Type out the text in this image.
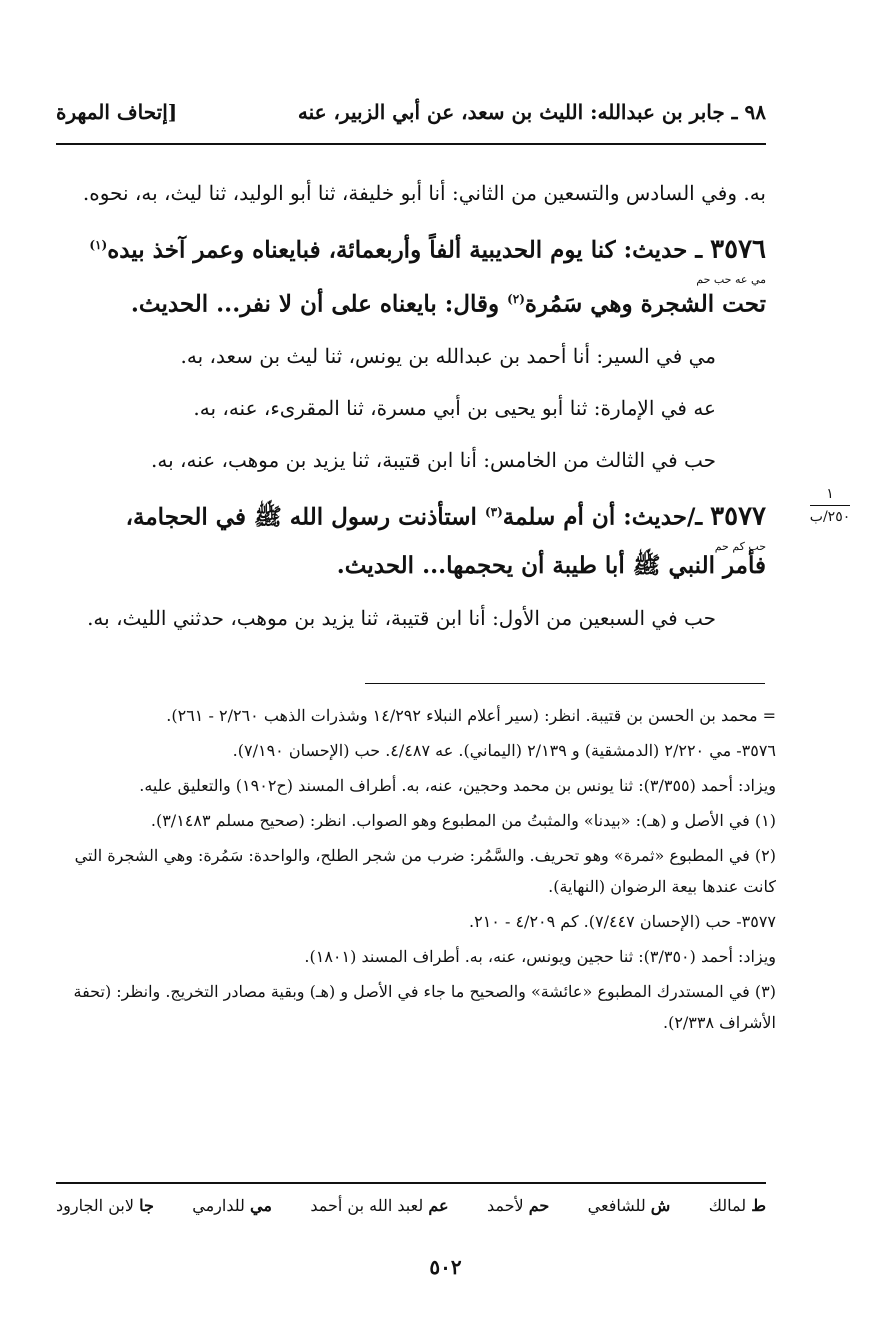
٩٨ ـ جابر بن عبدالله: الليث بن سعد، عن أبي الزبير، عنه
[إتحاف المهرة

به. وفي السادس والتسعين من الثاني: أنا أبو خليفة، ثنا أبو الوليد، ثنا ليث، به، نحوه.

٣٥٧٦ ـ حديث: كنا يوم الحديبية ألفاً وأربعمائة، فبايعناه وعمر آخذ بيده$^{(١)}$

مي عه حب حم
تحت الشجرة وهي سَمُرة$^{(٢)}$ وقال: بايعناه على أن لا نفر... الحديث.

مي في السير: أنا أحمد بن عبدالله بن يونس، ثنا ليث بن سعد، به.

عه في الإمارة: ثنا أبو يحيى بن أبي مسرة، ثنا المقرىء، عنه، به.

حب في الثالث من الخامس: أنا ابن قتيبة، ثنا يزيد بن موهب، عنه، به.

٣٥٧٧ ـ/حديث: أن أم سلمة$^{(٣)}$ استأذنت رسول الله ﷺ في الحجامة،

حب كم حم
فأمر النبي ﷺ أبا طيبة أن يحجمها... الحديث.

حب في السبعين من الأول: أنا ابن قتيبة، ثنا يزيد بن موهب، حدثني الليث، به.

١
٢٥٠/ب

= محمد بن الحسن بن قتيبة. انظر: (سير أعلام النبلاء ١٤/٢٩٢ وشذرات الذهب ٢/٢٦٠ - ٢٦١).

٣٥٧٦- مي ٢/٢٢٠ (الدمشقية) و ٢/١٣٩ (اليماني). عه ٤/٤٨٧. حب (الإحسان ٧/١٩٠).

ويزاد: أحمد (٣/٣٥٥): ثنا يونس بن محمد وحجين، عنه، به. أطراف المسند (ح١٩٠٢) والتعليق عليه.

(١) في الأصل و (هـ): «بيدنا» والمثبتُ من المطبوع وهو الصواب. انظر: (صحيح مسلم ٣/١٤٨٣).

(٢) في المطبوع «ثمرة» وهو تحريف. والسَّمُر: ضرب من شجر الطلح، والواحدة: سَمُرة: وهي الشجرة التي كانت عندها بيعة الرضوان (النهاية).

٣٥٧٧- حب (الإحسان ٧/٤٤٧). كم ٤/٢٠٩ - ٢١٠.

ويزاد: أحمد (٣/٣٥٠): ثنا حجين ويونس، عنه، به. أطراف المسند (١٨٠١).

(٣) في المستدرك المطبوع «عائشة» والصحيح ما جاء في الأصل و (هـ) وبقية مصادر التخريج. وانظر: (تحفة الأشراف ٢/٣٣٨).

ط لمالك
ش للشافعي
حم لأحمد
عم لعبد الله بن أحمد
مي للدارمي
جا لابن الجارود
٥٠٢
